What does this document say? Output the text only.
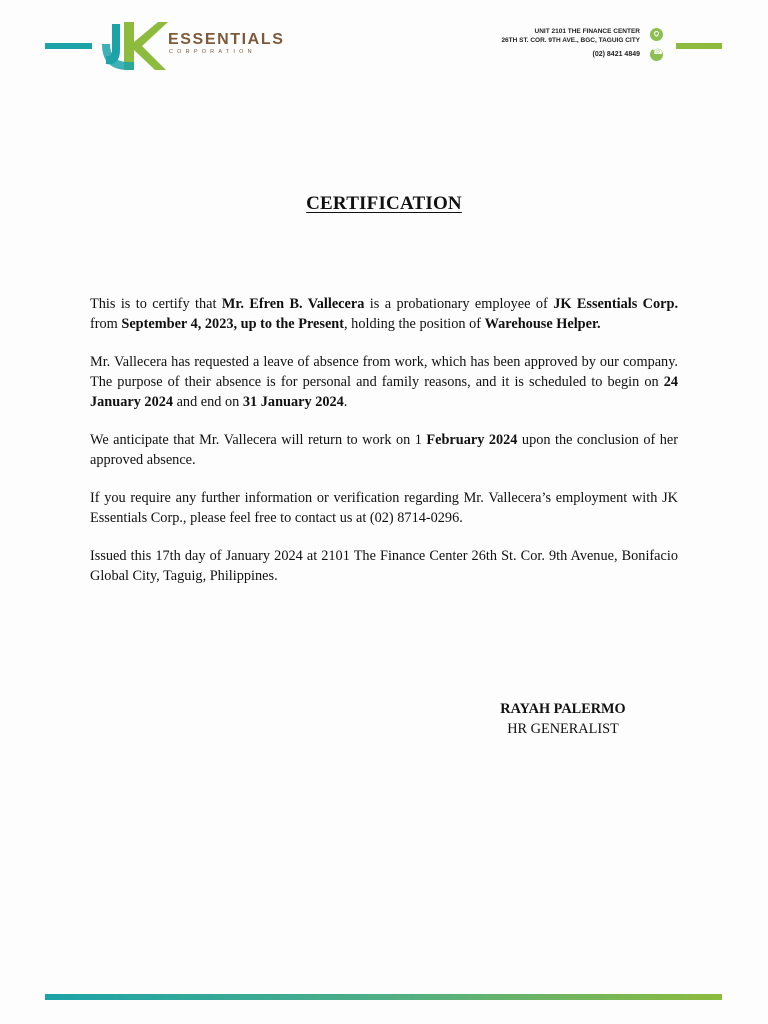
ESSENTIALS
CORPORATION
UNIT 2101 THE FINANCE CENTER
26TH ST. COR. 9TH AVE., BGC, TAGUIG CITY
(02) 8421 4849
☎
CERTIFICATION

This is to certify that Mr. Efren B. Vallecera is a probationary employee of JK Essentials Corp. from September 4, 2023, up to the Present, holding the position of Warehouse Helper.

Mr. Vallecera has requested a leave of absence from work, which has been approved by our company. The purpose of their absence is for personal and family reasons, and it is scheduled to begin on 24 January 2024 and end on 31 January 2024.

We anticipate that Mr. Vallecera will return to work on 1 February 2024 upon the conclusion of her approved absence.

If you require any further information or verification regarding Mr. Vallecera’s employment with JK Essentials Corp., please feel free to contact us at (02) 8714-0296.

Issued this 17th day of January 2024 at 2101 The Finance Center 26th St. Cor. 9th Avenue, Bonifacio Global City, Taguig, Philippines.

RAYAH PALERMO
HR GENERALIST
